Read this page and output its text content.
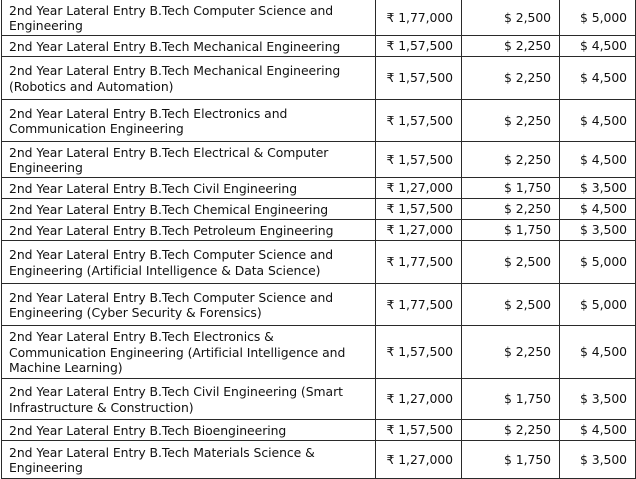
2nd Year Lateral Entry B.Tech Computer Science and Engineering	₹ 1,77,000	$ 2,500	$ 5,000
2nd Year Lateral Entry B.Tech Mechanical Engineering	₹ 1,57,500	$ 2,250	$ 4,500
2nd Year Lateral Entry B.Tech Mechanical Engineering (Robotics and Automation)	₹ 1,57,500	$ 2,250	$ 4,500
2nd Year Lateral Entry B.Tech Electronics and Communication Engineering	₹ 1,57,500	$ 2,250	$ 4,500
2nd Year Lateral Entry B.Tech Electrical & Computer Engineering	₹ 1,57,500	$ 2,250	$ 4,500
2nd Year Lateral Entry B.Tech Civil Engineering	₹ 1,27,000	$ 1,750	$ 3,500
2nd Year Lateral Entry B.Tech Chemical Engineering	₹ 1,57,500	$ 2,250	$ 4,500
2nd Year Lateral Entry B.Tech Petroleum Engineering	₹ 1,27,000	$ 1,750	$ 3,500
2nd Year Lateral Entry B.Tech Computer Science and Engineering (Artificial Intelligence & Data Science)	₹ 1,77,500	$ 2,500	$ 5,000
2nd Year Lateral Entry B.Tech Computer Science and Engineering (Cyber Security & Forensics)	₹ 1,77,500	$ 2,500	$ 5,000
2nd Year Lateral Entry B.Tech Electronics & Communication Engineering (Artificial Intelligence and Machine Learning)	₹ 1,57,500	$ 2,250	$ 4,500
2nd Year Lateral Entry B.Tech Civil Engineering (Smart Infrastructure & Construction)	₹ 1,27,000	$ 1,750	$ 3,500
2nd Year Lateral Entry B.Tech Bioengineering	₹ 1,57,500	$ 2,250	$ 4,500
2nd Year Lateral Entry B.Tech Materials Science & Engineering	₹ 1,27,000	$ 1,750	$ 3,500
